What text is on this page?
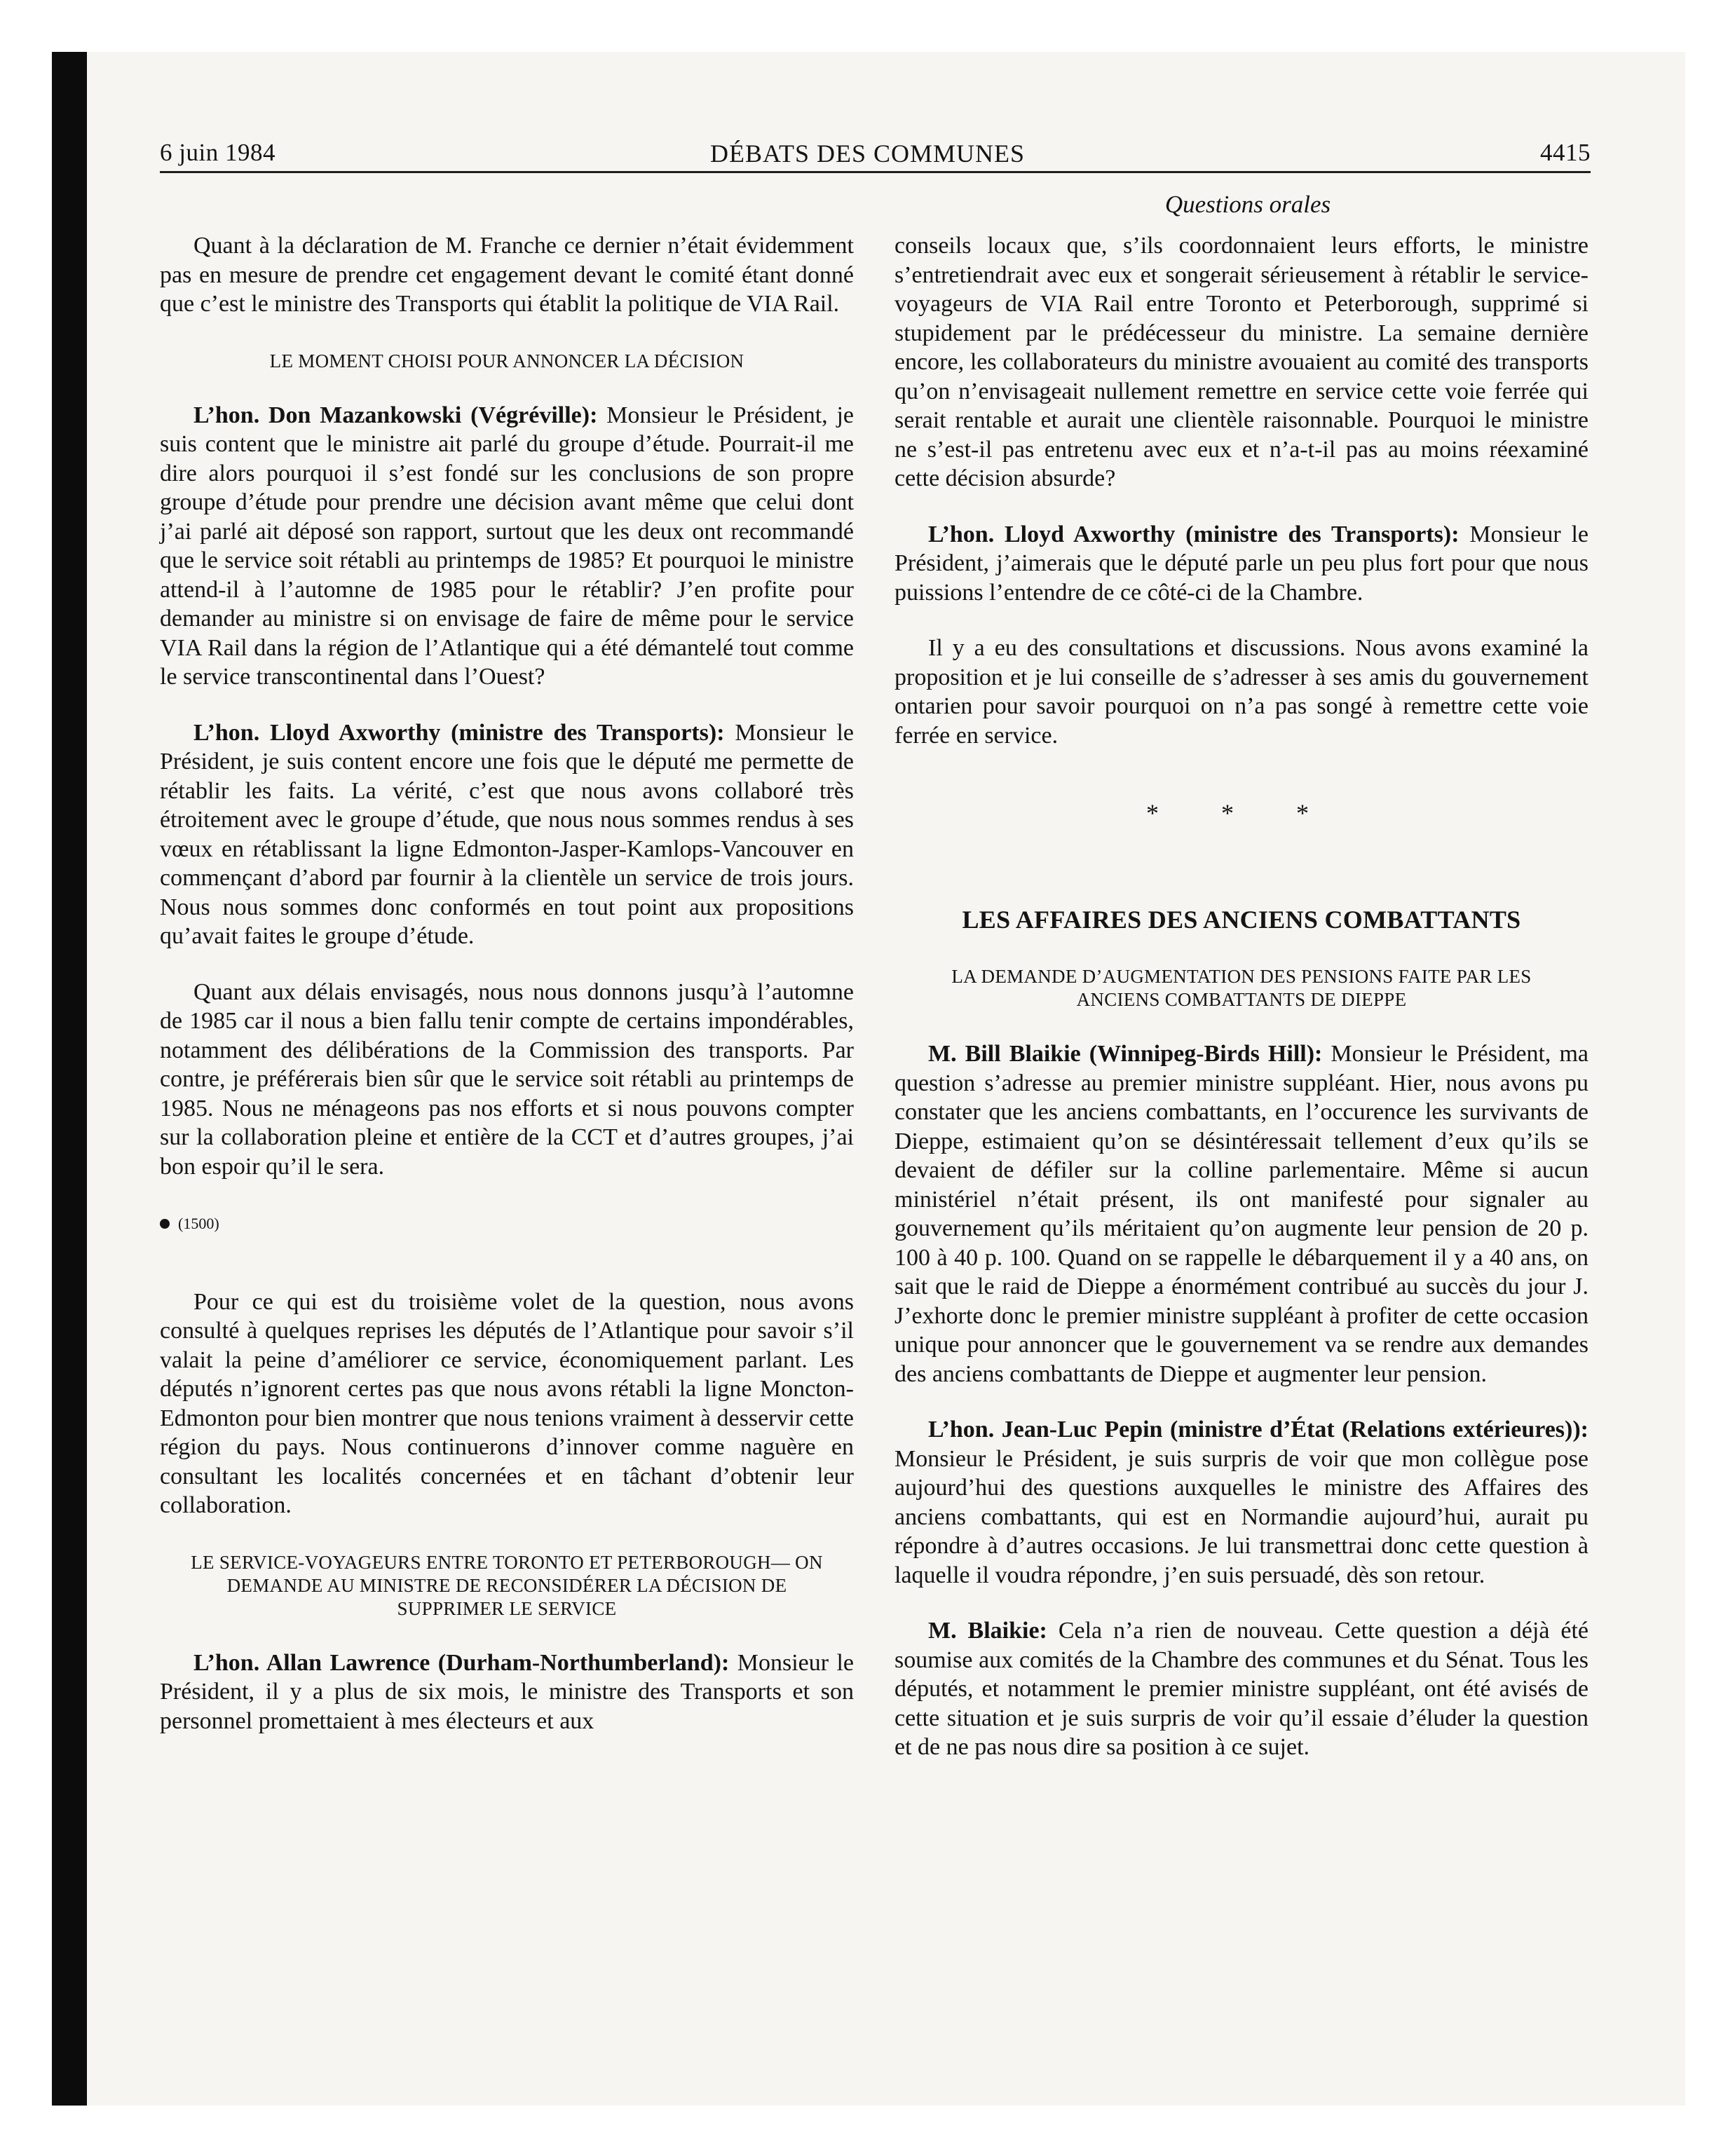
6 juin 1984	DÉBATS DES COMMUNES	4415
Questions orales

Quant à la déclaration de M. Franche ce dernier n’était évidemment pas en mesure de prendre cet engagement devant le comité étant donné que c’est le ministre des Transports qui établit la politique de VIA Rail.

LE MOMENT CHOISI POUR ANNONCER LA DÉCISION

L’hon. Don Mazankowski (Végréville): Monsieur le Président, je suis content que le ministre ait parlé du groupe d’étude. Pourrait-il me dire alors pourquoi il s’est fondé sur les conclusions de son propre groupe d’étude pour prendre une décision avant même que celui dont j’ai parlé ait déposé son rapport, surtout que les deux ont recommandé que le service soit rétabli au printemps de 1985? Et pourquoi le ministre attend-il à l’automne de 1985 pour le rétablir? J’en profite pour demander au ministre si on envisage de faire de même pour le service VIA Rail dans la région de l’Atlantique qui a été démantelé tout comme le service transcontinental dans l’Ouest?

L’hon. Lloyd Axworthy (ministre des Transports): Monsieur le Président, je suis content encore une fois que le député me permette de rétablir les faits. La vérité, c’est que nous avons collaboré très étroitement avec le groupe d’étude, que nous nous sommes rendus à ses vœux en rétablissant la ligne Edmonton-Jasper-Kamlops-Vancouver en commençant d’abord par fournir à la clientèle un service de trois jours. Nous nous sommes donc conformés en tout point aux propositions qu’avait faites le groupe d’étude.

Quant aux délais envisagés, nous nous donnons jusqu’à l’automne de 1985 car il nous a bien fallu tenir compte de certains impondérables, notamment des délibérations de la Commission des transports. Par contre, je préférerais bien sûr que le service soit rétabli au printemps de 1985. Nous ne ménageons pas nos efforts et si nous pouvons compter sur la collaboration pleine et entière de la CCT et d’autres groupes, j’ai bon espoir qu’il le sera.

(1500)

Pour ce qui est du troisième volet de la question, nous avons consulté à quelques reprises les députés de l’Atlantique pour savoir s’il valait la peine d’améliorer ce service, économiquement parlant. Les députés n’ignorent certes pas que nous avons rétabli la ligne Moncton-Edmonton pour bien montrer que nous tenions vraiment à desservir cette région du pays. Nous continuerons d’innover comme naguère en consultant les localités concernées et en tâchant d’obtenir leur collaboration.

LE SERVICE-VOYAGEURS ENTRE TORONTO ET PETERBOROUGH— ON DEMANDE AU MINISTRE DE RECONSIDÉRER LA DÉCISION DE SUPPRIMER LE SERVICE

L’hon. Allan Lawrence (Durham-Northumberland): Monsieur le Président, il y a plus de six mois, le ministre des Transports et son personnel promettaient à mes électeurs et aux

conseils locaux que, s’ils coordonnaient leurs efforts, le ministre s’entretiendrait avec eux et songerait sérieusement à rétablir le service-voyageurs de VIA Rail entre Toronto et Peterborough, supprimé si stupidement par le prédécesseur du ministre. La semaine dernière encore, les collaborateurs du ministre avouaient au comité des transports qu’on n’envisageait nullement remettre en service cette voie ferrée qui serait rentable et aurait une clientèle raisonnable. Pourquoi le ministre ne s’est-il pas entretenu avec eux et n’a-t-il pas au moins réexaminé cette décision absurde?

L’hon. Lloyd Axworthy (ministre des Transports): Monsieur le Président, j’aimerais que le député parle un peu plus fort pour que nous puissions l’entendre de ce côté-ci de la Chambre.

Il y a eu des consultations et discussions. Nous avons examiné la proposition et je lui conseille de s’adresser à ses amis du gouvernement ontarien pour savoir pourquoi on n’a pas songé à remettre cette voie ferrée en service.

* * *
LES AFFAIRES DES ANCIENS COMBATTANTS
LA DEMANDE D’AUGMENTATION DES PENSIONS FAITE PAR LES ANCIENS COMBATTANTS DE DIEPPE

M. Bill Blaikie (Winnipeg-Birds Hill): Monsieur le Président, ma question s’adresse au premier ministre suppléant. Hier, nous avons pu constater que les anciens combattants, en l’occurence les survivants de Dieppe, estimaient qu’on se désintéressait tellement d’eux qu’ils se devaient de défiler sur la colline parlementaire. Même si aucun ministériel n’était présent, ils ont manifesté pour signaler au gouvernement qu’ils méritaient qu’on augmente leur pension de 20 p. 100 à 40 p. 100. Quand on se rappelle le débarquement il y a 40 ans, on sait que le raid de Dieppe a énormément contribué au succès du jour J. J’exhorte donc le premier ministre suppléant à profiter de cette occasion unique pour annoncer que le gouvernement va se rendre aux demandes des anciens combattants de Dieppe et augmenter leur pension.

L’hon. Jean-Luc Pepin (ministre d’État (Relations extérieures)): Monsieur le Président, je suis surpris de voir que mon collègue pose aujourd’hui des questions auxquelles le ministre des Affaires des anciens combattants, qui est en Normandie aujourd’hui, aurait pu répondre à d’autres occasions. Je lui transmettrai donc cette question à laquelle il voudra répondre, j’en suis persuadé, dès son retour.

M. Blaikie: Cela n’a rien de nouveau. Cette question a déjà été soumise aux comités de la Chambre des communes et du Sénat. Tous les députés, et notamment le premier ministre suppléant, ont été avisés de cette situation et je suis surpris de voir qu’il essaie d’éluder la question et de ne pas nous dire sa position à ce sujet.
